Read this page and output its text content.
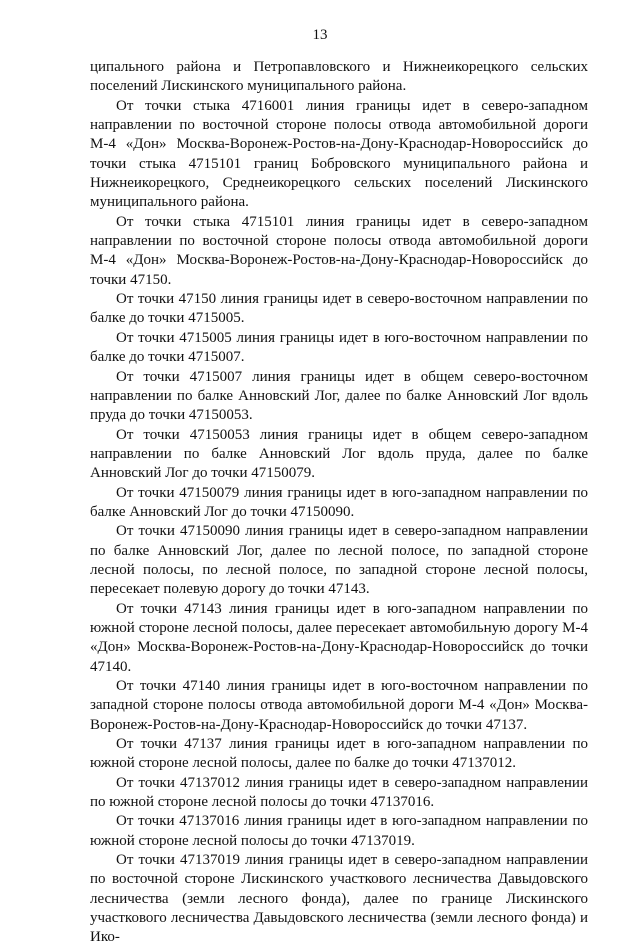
13

ципального района и Петропавловского и Нижнеикорецкого сельских поселений Лискинского муниципального района.

От точки стыка 4716001 линия границы идет в северо-западном направлении по восточной стороне полосы отвода автомобильной дороги М-4 «Дон» Москва-Воронеж-Ростов-на-Дону-Краснодар-Новороссийск до точки стыка 4715101 границ Бобровского муниципального района и Нижнеикорецкого, Среднеикорецкого сельских поселений Лискинского муниципального района.

От точки стыка 4715101 линия границы идет в северо-западном направлении по восточной стороне полосы отвода автомобильной дороги М-4 «Дон» Москва-Воронеж-Ростов-на-Дону-Краснодар-Новороссийск до точки 47150.

От точки 47150 линия границы идет в северо-восточном направлении по балке до точки 4715005.

От точки 4715005 линия границы идет в юго-восточном направлении по балке до точки 4715007.

От точки 4715007 линия границы идет в общем северо-восточном направлении по балке Анновский Лог, далее по балке Анновский Лог вдоль пруда до точки 47150053.

От точки 47150053 линия границы идет в общем северо-западном направлении по балке Анновский Лог вдоль пруда, далее по балке Анновский Лог до точки 47150079.

От точки 47150079 линия границы идет в юго-западном направлении по балке Анновский Лог до точки 47150090.

От точки 47150090 линия границы идет в северо-западном направлении по балке Анновский Лог, далее по лесной полосе, по западной стороне лесной полосы, по лесной полосе, по западной стороне лесной полосы, пересекает полевую дорогу до точки 47143.

От точки 47143 линия границы идет в юго-западном направлении по южной стороне лесной полосы, далее пересекает автомобильную дорогу М-4 «Дон» Москва-Воронеж-Ростов-на-Дону-Краснодар-Новороссийск до точки 47140.

От точки 47140 линия границы идет в юго-восточном направлении по западной стороне полосы отвода автомобильной дороги М-4 «Дон» Москва-Воронеж-Ростов-на-Дону-Краснодар-Новороссийск до точки 47137.

От точки 47137 линия границы идет в юго-западном направлении по южной стороне лесной полосы, далее по балке до точки 47137012.

От точки 47137012 линия границы идет в северо-западном направлении по южной стороне лесной полосы до точки 47137016.

От точки 47137016 линия границы идет в юго-западном направлении по южной стороне лесной полосы до точки 47137019.

От точки 47137019 линия границы идет в северо-западном направлении по восточной стороне Лискинского участкового лесничества Давыдовского лесничества (земли лесного фонда), далее по границе Лискинского участкового лесничества Давыдовского лесничества (земли лесного фонда) и Ико-
